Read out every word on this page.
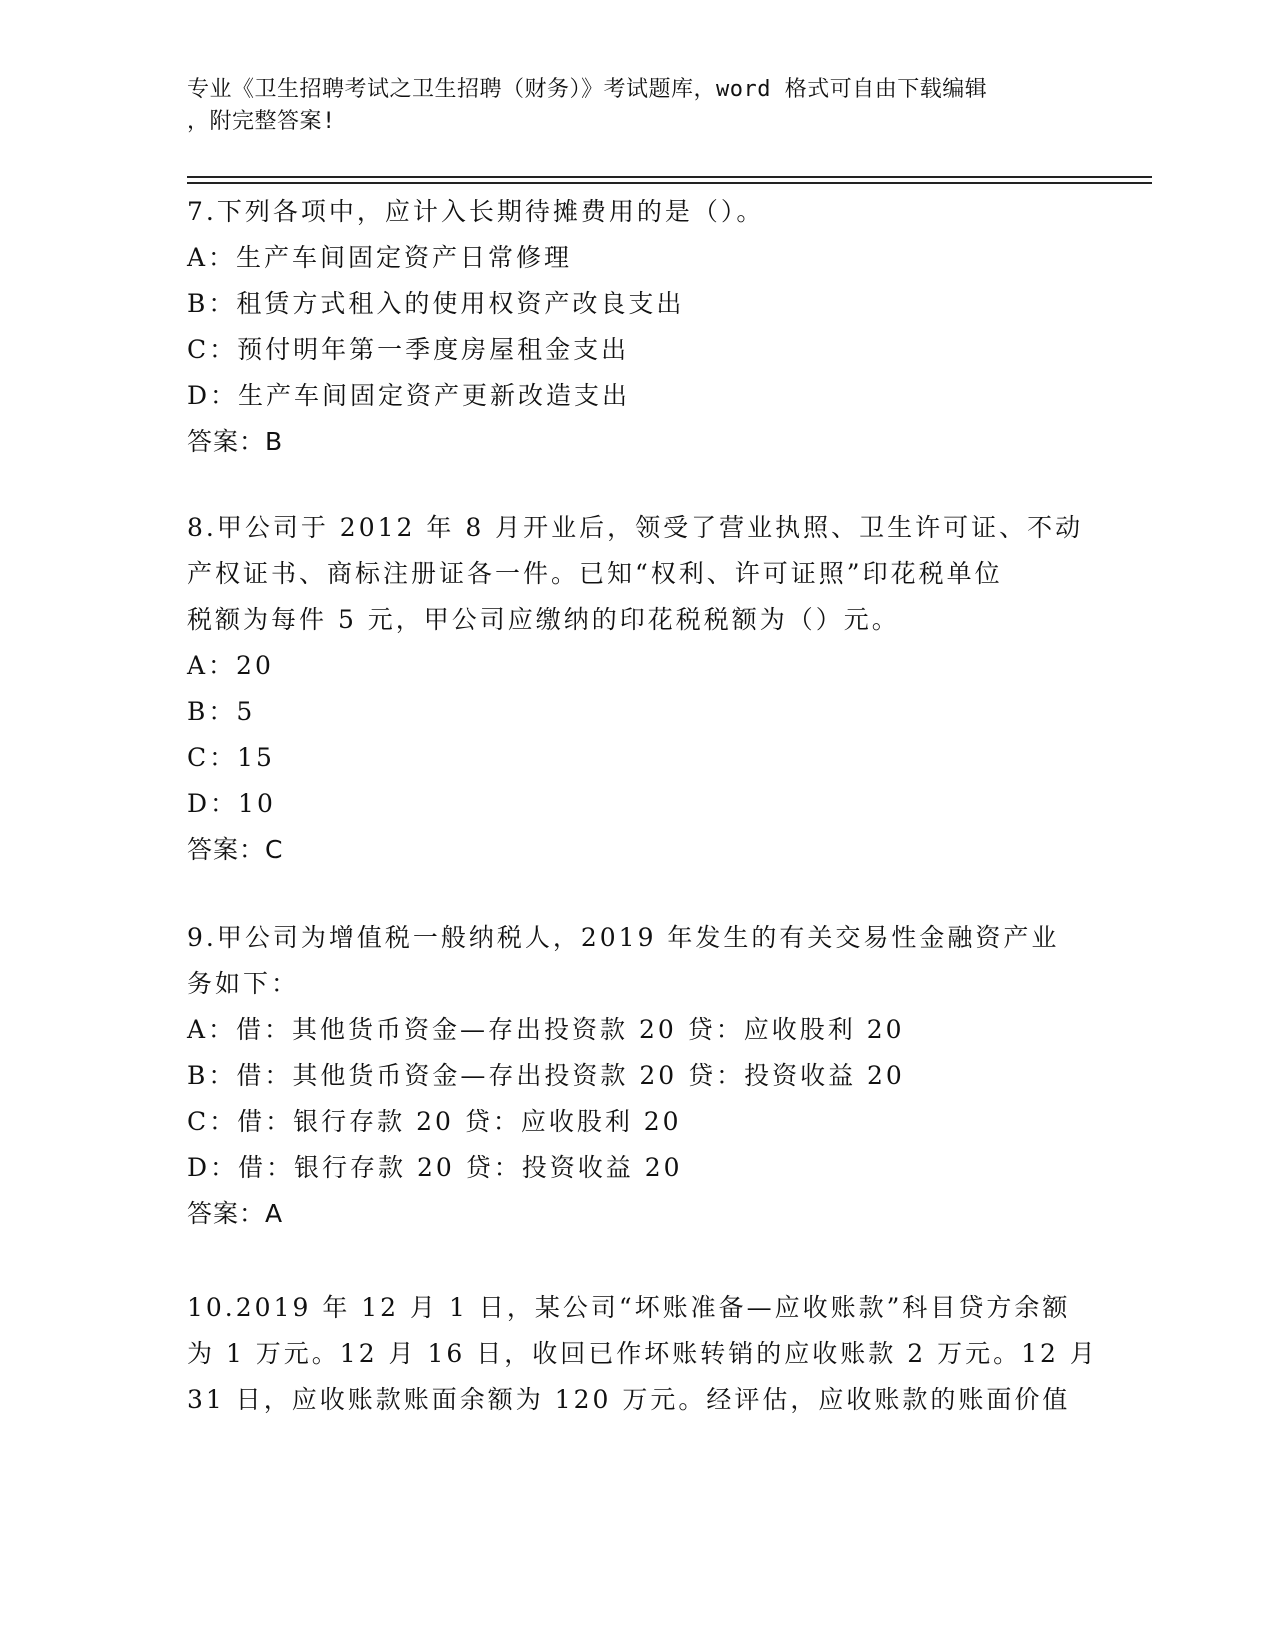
专业《卫生招聘考试之卫生招聘（财务）》考试题库，word 格式可自由下载编辑
，附完整答案!
7.下列各项中，应计入长期待摊费用的是（）。
A：生产车间固定资产日常修理
B：租赁方式租入的使用权资产改良支出
C：预付明年第一季度房屋租金支出
D：生产车间固定资产更新改造支出
答案：B
8.甲公司于 2012 年 8 月开业后，领受了营业执照、卫生许可证、不动
产权证书、商标注册证各一件。已知“权利、许可证照”印花税单位
税额为每件 5 元，甲公司应缴纳的印花税税额为（）元。
A：20
B：5
C：15
D：10
答案：C
9.甲公司为增值税一般纳税人，2019 年发生的有关交易性金融资产业
务如下：
A：借：其他货币资金—存出投资款 20 贷：应收股利 20
B：借：其他货币资金—存出投资款 20 贷：投资收益 20
C：借：银行存款 20 贷：应收股利 20
D：借：银行存款 20 贷：投资收益 20
答案：A
10.2019 年 12 月 1 日，某公司“坏账准备—应收账款”科目贷方余额
为 1 万元。12 月 16 日，收回已作坏账转销的应收账款 2 万元。12 月
31 日，应收账款账面余额为 120 万元。经评估，应收账款的账面价值
